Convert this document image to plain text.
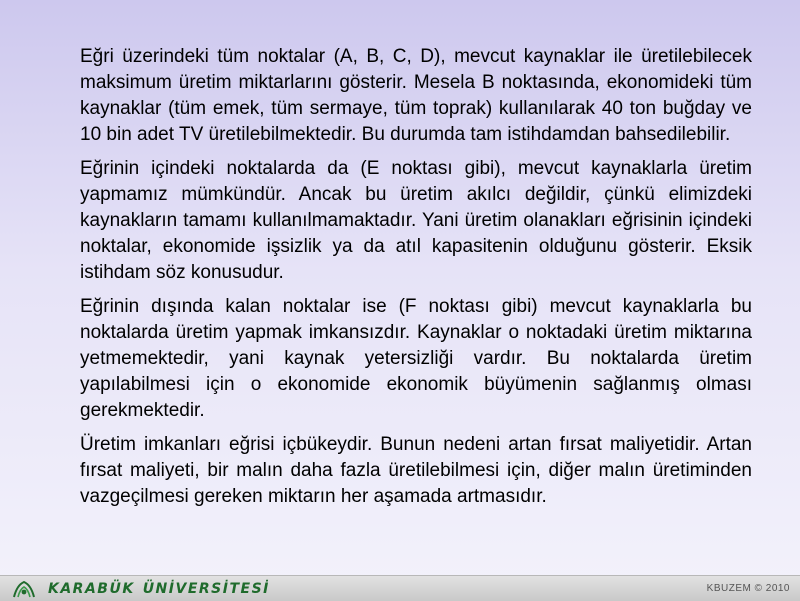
Eğri üzerindeki tüm noktalar (A, B, C, D), mevcut kaynaklar ile üretilebilecek maksimum üretim miktarlarını gösterir. Mesela B noktasında, ekonomideki tüm kaynaklar (tüm emek, tüm sermaye, tüm toprak) kullanılarak 40 ton buğday ve 10 bin adet TV üretilebilmektedir. Bu durumda tam istihdamdan bahsedilebilir.

Eğrinin içindeki noktalarda da (E noktası gibi), mevcut kaynaklarla üretim yapmamız mümkündür. Ancak bu üretim akılcı değildir, çünkü elimizdeki kaynakların tamamı kullanılmamaktadır. Yani üretim olanakları eğrisinin içindeki noktalar, ekonomide işsizlik ya da atıl kapasitenin olduğunu gösterir. Eksik istihdam söz konusudur.

Eğrinin dışında kalan noktalar ise (F noktası gibi) mevcut kaynaklarla bu noktalarda üretim yapmak imkansızdır. Kaynaklar o noktadaki üretim miktarına yetmemektedir, yani kaynak yetersizliği vardır. Bu noktalarda üretim yapılabilmesi için o ekonomide ekonomik büyümenin sağlanmış olması gerekmektedir.

Üretim imkanları eğrisi içbükeydir. Bunun nedeni artan fırsat maliyetidir. Artan fırsat maliyeti, bir malın daha fazla üretilebilmesi için, diğer malın üretiminden vazgeçilmesi gereken miktarın her aşamada artmasıdır.

KARABÜK ÜNİVERSİTESİ	KBUZEM © 2010
